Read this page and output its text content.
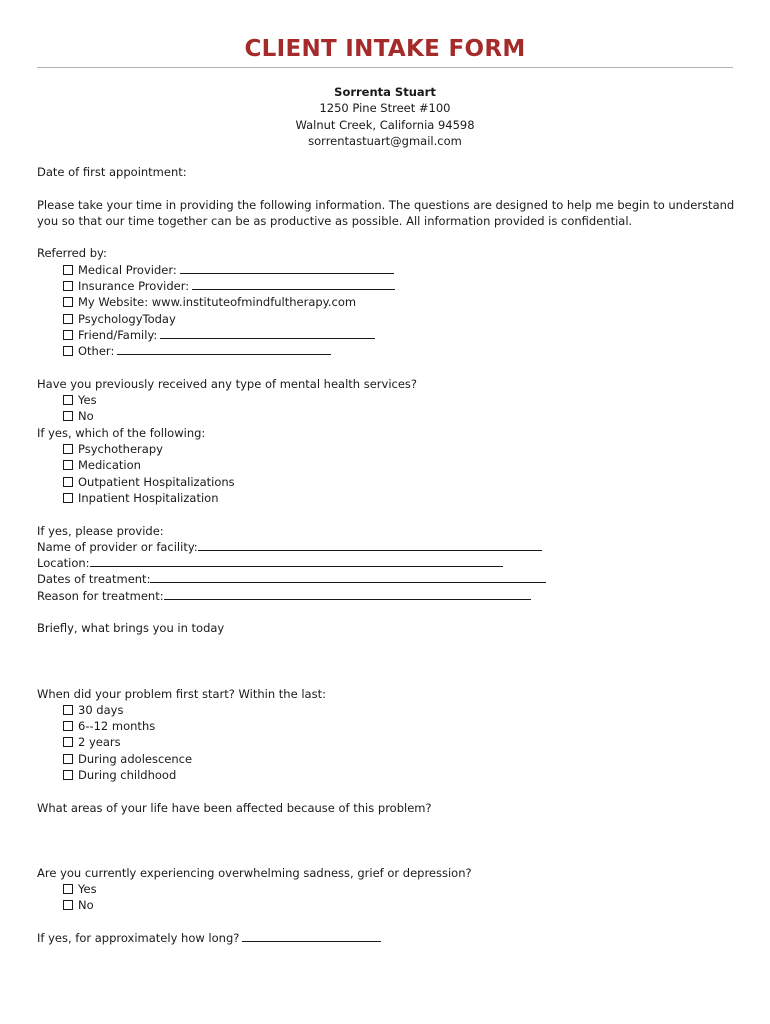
CLIENT INTAKE FORM
Sorrenta Stuart
1250 Pine Street #100
Walnut Creek, California 94598
sorrentastuart@gmail.com
Date of first appointment:
Please take your time in providing the following information. The questions are designed to help me begin to understand you so that our time together can be as productive as possible. All information provided is confidential.
Referred by:
Medical Provider:
Insurance Provider:
My Website: www.instituteofmindfultherapy.com
PsychologyToday
Friend/Family:
Other:
Have you previously received any type of mental health services?
Yes
No
If yes, which of the following:
Psychotherapy
Medication
Outpatient Hospitalizations
Inpatient Hospitalization
If yes, please provide:
Name of provider or facility:
Location:
Dates of treatment:
Reason for treatment:
Briefly, what brings you in today
When did your problem first start? Within the last:
30 days
6--12 months
2 years
During adolescence
During childhood
What areas of your life have been affected because of this problem?
Are you currently experiencing overwhelming sadness, grief or depression?
Yes
No
If yes, for approximately how long?
